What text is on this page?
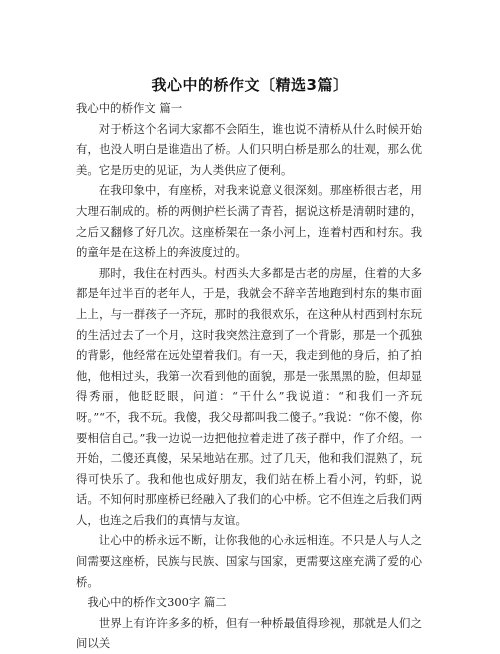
我心中的桥作文〔精选3篇〕

我心中的桥作文 篇一

对于桥这个名词大家都不会陌生，谁也说不清桥从什么时候开始有，也没人明白是谁造出了桥。人们只明白桥是那么的壮观，那么优美。它是历史的见证，为人类供应了便利。

在我印象中，有座桥，对我来说意义很深刻。那座桥很古老，用大理石制成的。桥的两侧护栏长满了青苔，据说这桥是清朝时建的，之后又翻修了好几次。这座桥架在一条小河上，连着村西和村东。我的童年是在这桥上的奔波度过的。

那时，我住在村西头。村西头大多都是古老的房屋，住着的大多都是年过半百的老年人，于是，我就会不辞辛苦地跑到村东的集市面上上，与一群孩子一齐玩，那时的我很欢乐，在这种从村西到村东玩的生活过去了一个月，这时我突然注意到了一个背影，那是一个孤独的背影，他经常在远处望着我们。有一天，我走到他的身后，拍了拍他，他相过头，我第一次看到他的面貌，那是一张黑黑的脸，但却显得秀丽，他眨眨眼，问道：“干什么”我说道：“和我们一齐玩呀。”“不，我不玩。我傻，我父母都叫我二傻子。”我说：“你不傻，你要相信自己。”我一边说一边把他拉着走进了孩子群中，作了介绍。一开始，二傻还真傻，呆呆地站在那。过了几天，他和我们混熟了，玩得可快乐了。我和他也成好朋友，我们站在桥上看小河，钓虾，说话。不知何时那座桥已经融入了我们的心中桥。它不但连之后我们两人，也连之后我们的真情与友谊。

让心中的桥永远不断，让你我他的心永远相连。不只是人与人之间需要这座桥，民族与民族、国家与国家，更需要这座充满了爱的心桥。

我心中的桥作文300字 篇二

世界上有许许多多的桥，但有一种桥最值得珍视，那就是人们之间以关
